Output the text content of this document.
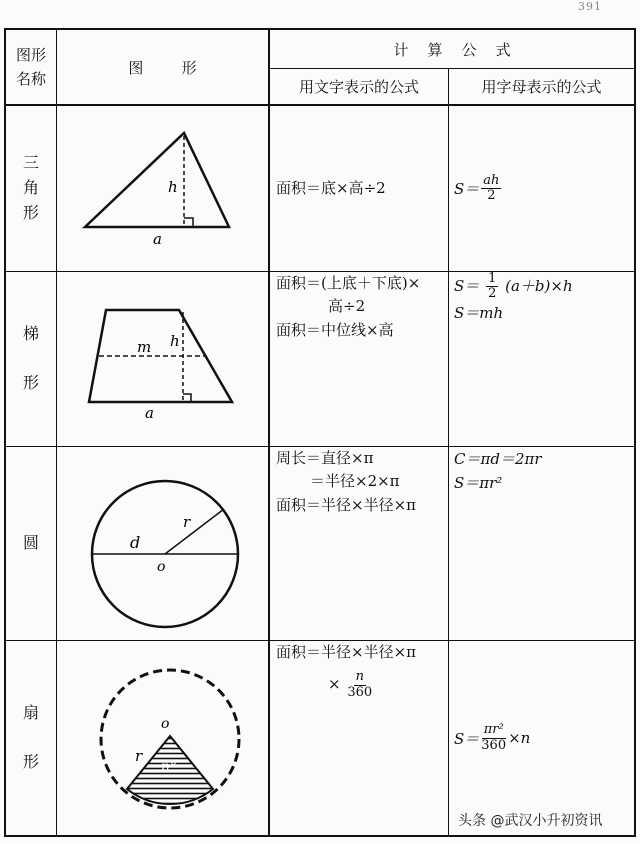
391
图形
名称
图        形
计    算    公    式
用文字表示的公式	用字母表示的公式
三
角
形
梯

形
圆
扇

形
h
a
m h
a
d
r
o
o
r
n°
面积＝底×高÷2
面积＝(上底＋下底)×
高÷2
面积＝中位线×高
周长＝直径×π
＝半径×2×π
面积＝半径×半径×π
面积＝半径×半径×π
× $\frac{n}{360}$
$S= \frac{ah}{2}$
$S= \frac{1}{2} (a+b)\times h$
S＝mh
C＝πd＝2πr
S＝πr²
$S= \frac{\text{πr²}}{360} \times n$
头条 @武汉小升初资讯
